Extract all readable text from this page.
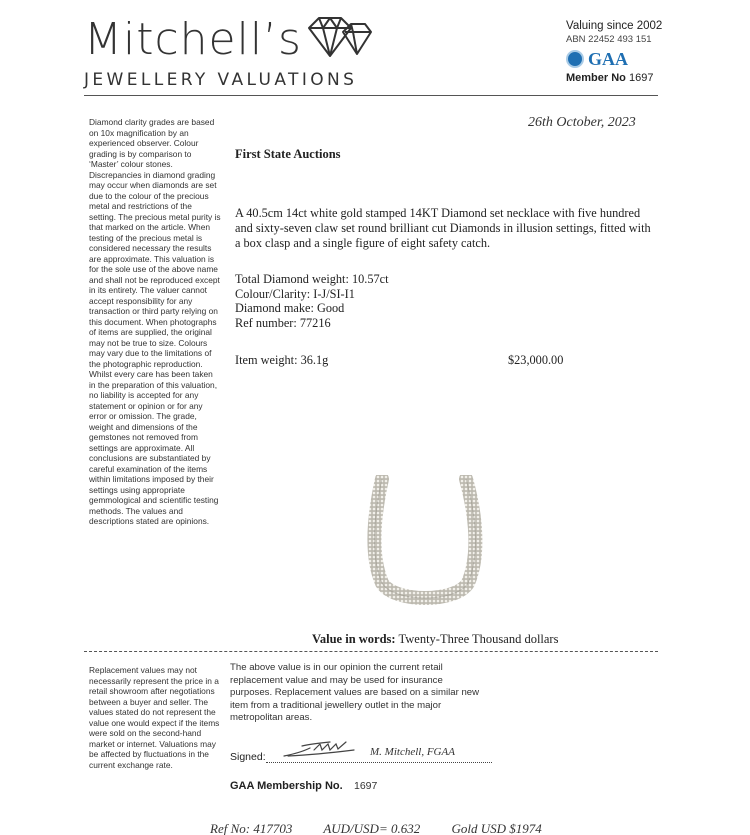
Mitchell’s
JEWELLERY VALUATIONS
Valuing since 2002
ABN 22452 493 151
GAA
Member No 1697
Diamond clarity grades are based on 10x magnification by an experienced observer. Colour grading is by comparison to ‘Master’ colour stones. Discrepancies in diamond grading may occur when diamonds are set due to the colour of the precious metal and restrictions of the setting. The precious metal purity is that marked on the article. When testing of the precious metal is considered necessary the results are approximate. This valuation is for the sole use of the above name and shall not be reproduced except in its entirety. The valuer cannot accept responsibility for any transaction or third party relying on this document. When photographs of items are supplied, the original may not be true to size. Colours may vary due to the limitations of the photographic reproduction. Whilst every care has been taken in the preparation of this valuation, no liability is accepted for any statement or opinion or for any error or omission. The grade, weight and dimensions of the gemstones not removed from settings are approximate. All conclusions are substantiated by careful examination of the items within limitations imposed by their settings using appropriate gemmological and scientific testing methods. The values and descriptions stated are opinions.
26th October, 2023
First State Auctions
A 40.5cm 14ct white gold stamped 14KT Diamond set necklace with five hundred and sixty-seven claw set round brilliant cut Diamonds in illusion settings, fitted with a box clasp and a single figure of eight safety catch.
Total Diamond weight: 10.57ct
Colour/Clarity: I-J/SI-I1
Diamond make: Good
Ref number: 77216
Item weight: 36.1g	$23,000.00
Value in words: Twenty-Three Thousand dollars
Replacement values may not necessarily represent the price in a retail showroom after negotiations between a buyer and seller. The values stated do not represent the value one would expect if the items were sold on the second-hand market or internet. Valuations may be affected by fluctuations in the current exchange rate.
The above value is in our opinion the current retail replacement value and may be used for insurance purposes. Replacement values are based on a similar new item from a traditional jewellery outlet in the major metropolitan areas.
Signed:	M. Mitchell, FGAA
GAA Membership No. 1697
Ref No: 417703 AUD/USD= 0.632 Gold USD $1974
